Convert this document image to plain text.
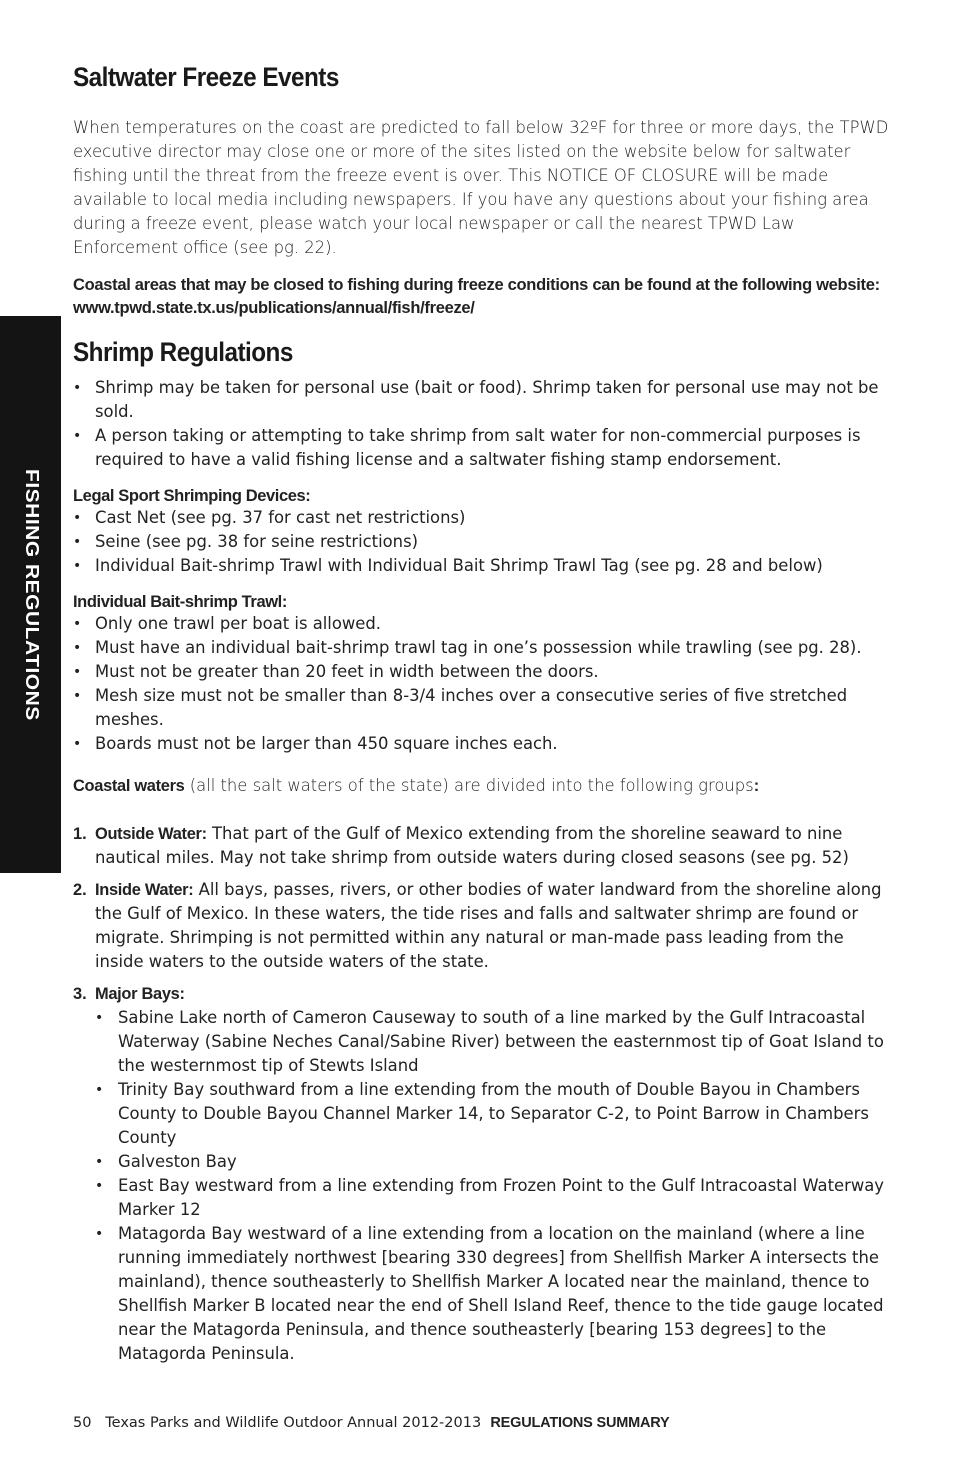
FISHING REGULATIONS
Saltwater Freeze Events

When temperatures on the coast are predicted to fall below 32ºF for three or more days, the TPWD executive director may close one or more of the sites listed on the website below for saltwater fishing until the threat from the freeze event is over. This NOTICE OF CLOSURE will be made available to local media including newspapers. If you have any questions about your fishing area during a freeze event, please watch your local newspaper or call the nearest TPWD Law Enforcement office (see pg. 22).

Coastal areas that may be closed to fishing during freeze conditions can be found at the following website: www.tpwd.state.tx.us/publications/annual/fish/freeze/

Shrimp Regulations
• Shrimp may be taken for personal use (bait or food). Shrimp taken for personal use may not be sold.
• A person taking or attempting to take shrimp from salt water for non-commercial purposes is required to have a valid fishing license and a saltwater fishing stamp endorsement.
Legal Sport Shrimping Devices:
• Cast Net (see pg. 37 for cast net restrictions)
• Seine (see pg. 38 for seine restrictions)
• Individual Bait-shrimp Trawl with Individual Bait Shrimp Trawl Tag (see pg. 28 and below)
Individual Bait-shrimp Trawl:
• Only one trawl per boat is allowed.
• Must have an individual bait-shrimp trawl tag in one’s possession while trawling (see pg. 28).
• Must not be greater than 20 feet in width between the doors.
• Mesh size must not be smaller than 8-3/4 inches over a consecutive series of five stretched meshes.
• Boards must not be larger than 450 square inches each.

Coastal waters (all the salt waters of the state) are divided into the following groups:

1. Outside Water: That part of the Gulf of Mexico extending from the shoreline seaward to nine nautical miles. May not take shrimp from outside waters during closed seasons (see pg. 52)
2. Inside Water: All bays, passes, rivers, or other bodies of water landward from the shoreline along the Gulf of Mexico. In these waters, the tide rises and falls and saltwater shrimp are found or migrate. Shrimping is not permitted within any natural or man-made pass leading from the inside waters to the outside waters of the state.
3. Major Bays:
• Sabine Lake north of Cameron Causeway to south of a line marked by the Gulf Intracoastal Waterway (Sabine Neches Canal/Sabine River) between the easternmost tip of Goat Island to the westernmost tip of Stewts Island
• Trinity Bay southward from a line extending from the mouth of Double Bayou in Chambers County to Double Bayou Channel Marker 14, to Separator C-2, to Point Barrow in Chambers County
• Galveston Bay
• East Bay westward from a line extending from Frozen Point to the Gulf Intracoastal Waterway Marker 12
• Matagorda Bay westward of a line extending from a location on the mainland (where a line running immediately northwest [bearing 330 degrees] from Shellfish Marker A intersects the mainland), thence southeasterly to Shellfish Marker A located near the mainland, thence to Shellfish Marker B located near the end of Shell Island Reef, thence to the tide gauge located near the Matagorda Peninsula, and thence southeasterly [bearing 153 degrees] to the Matagorda Peninsula.
50 Texas Parks and Wildlife Outdoor Annual 2012-2013 REGULATIONS SUMMARY
